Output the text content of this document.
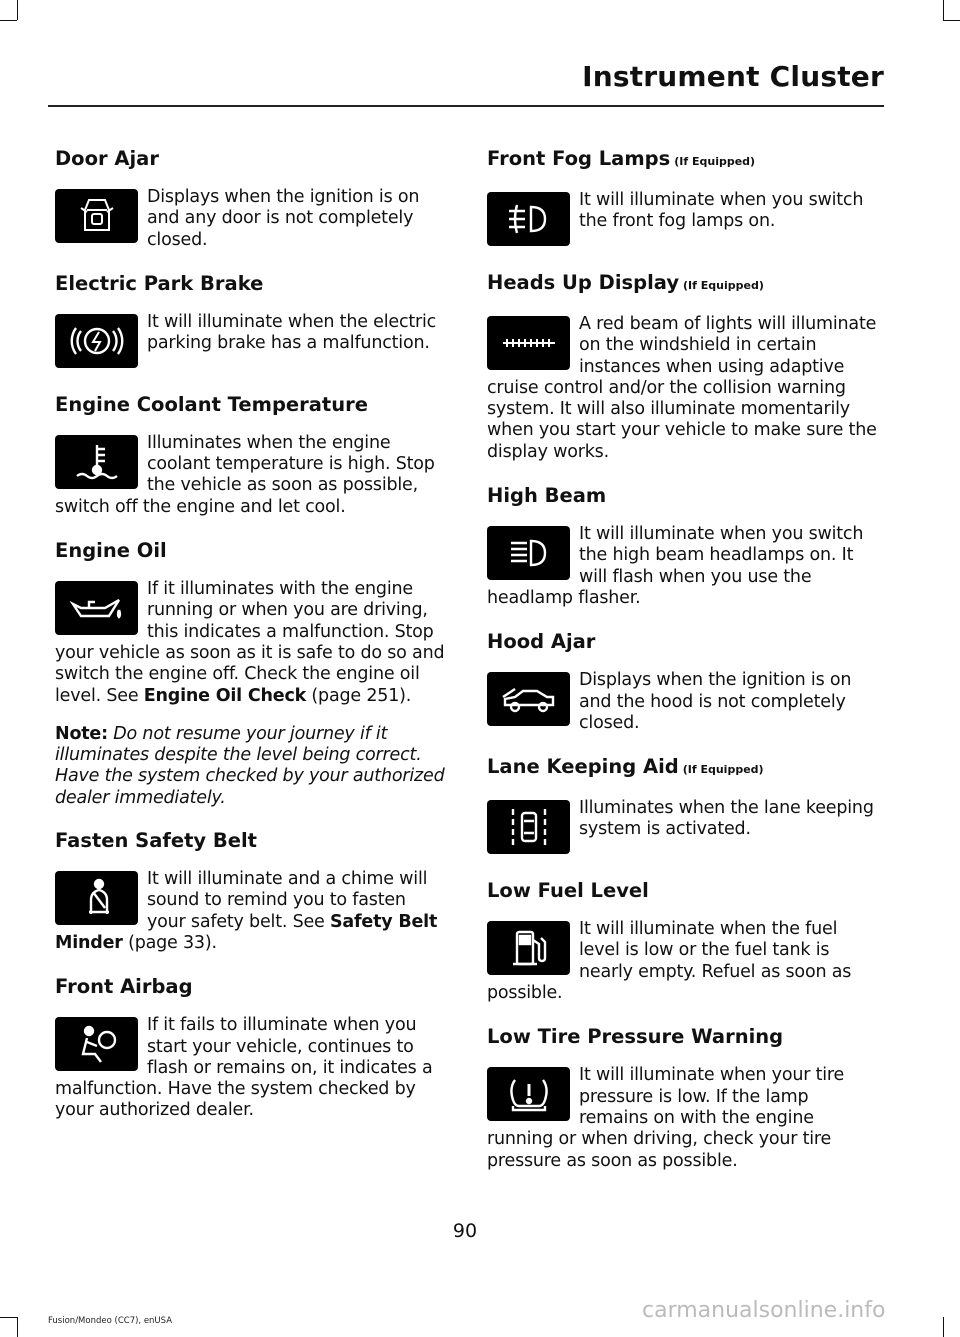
Instrument Cluster
Door Ajar

Displays when the ignition is on and any door is not completely closed.

Electric Park Brake

It will illuminate when the electric parking brake has a malfunction.

Engine Coolant Temperature

Illuminates when the engine coolant temperature is high. Stop the vehicle as soon as possible, switch off the engine and let cool.

Engine Oil

If it illuminates with the engine running or when you are driving, this indicates a malfunction. Stop your vehicle as soon as it is safe to do so and switch the engine off. Check the engine oil level. See Engine Oil Check (page 251).

Note: Do not resume your journey if it illuminates despite the level being correct. Have the system checked by your authorized dealer immediately.

Fasten Safety Belt

It will illuminate and a chime will sound to remind you to fasten your safety belt. See Safety Belt Minder (page 33).

Front Airbag

If it fails to illuminate when you start your vehicle, continues to flash or remains on, it indicates a malfunction. Have the system checked by your authorized dealer.

Front Fog Lamps (If Equipped)

It will illuminate when you switch the front fog lamps on.

Heads Up Display (If Equipped)

A red beam of lights will illuminate on the windshield in certain instances when using adaptive cruise control and/or the collision warning system. It will also illuminate momentarily when you start your vehicle to make sure the display works.

High Beam

It will illuminate when you switch the high beam headlamps on. It will flash when you use the headlamp flasher.

Hood Ajar

Displays when the ignition is on and the hood is not completely closed.

Lane Keeping Aid (If Equipped)

Illuminates when the lane keeping system is activated.

Low Fuel Level

It will illuminate when the fuel level is low or the fuel tank is nearly empty. Refuel as soon as possible.

Low Tire Pressure Warning

It will illuminate when your tire pressure is low. If the lamp remains on with the engine running or when driving, check your tire pressure as soon as possible.

90
Fusion/Mondeo (CC7), enUSA	carmanualsonline.info
